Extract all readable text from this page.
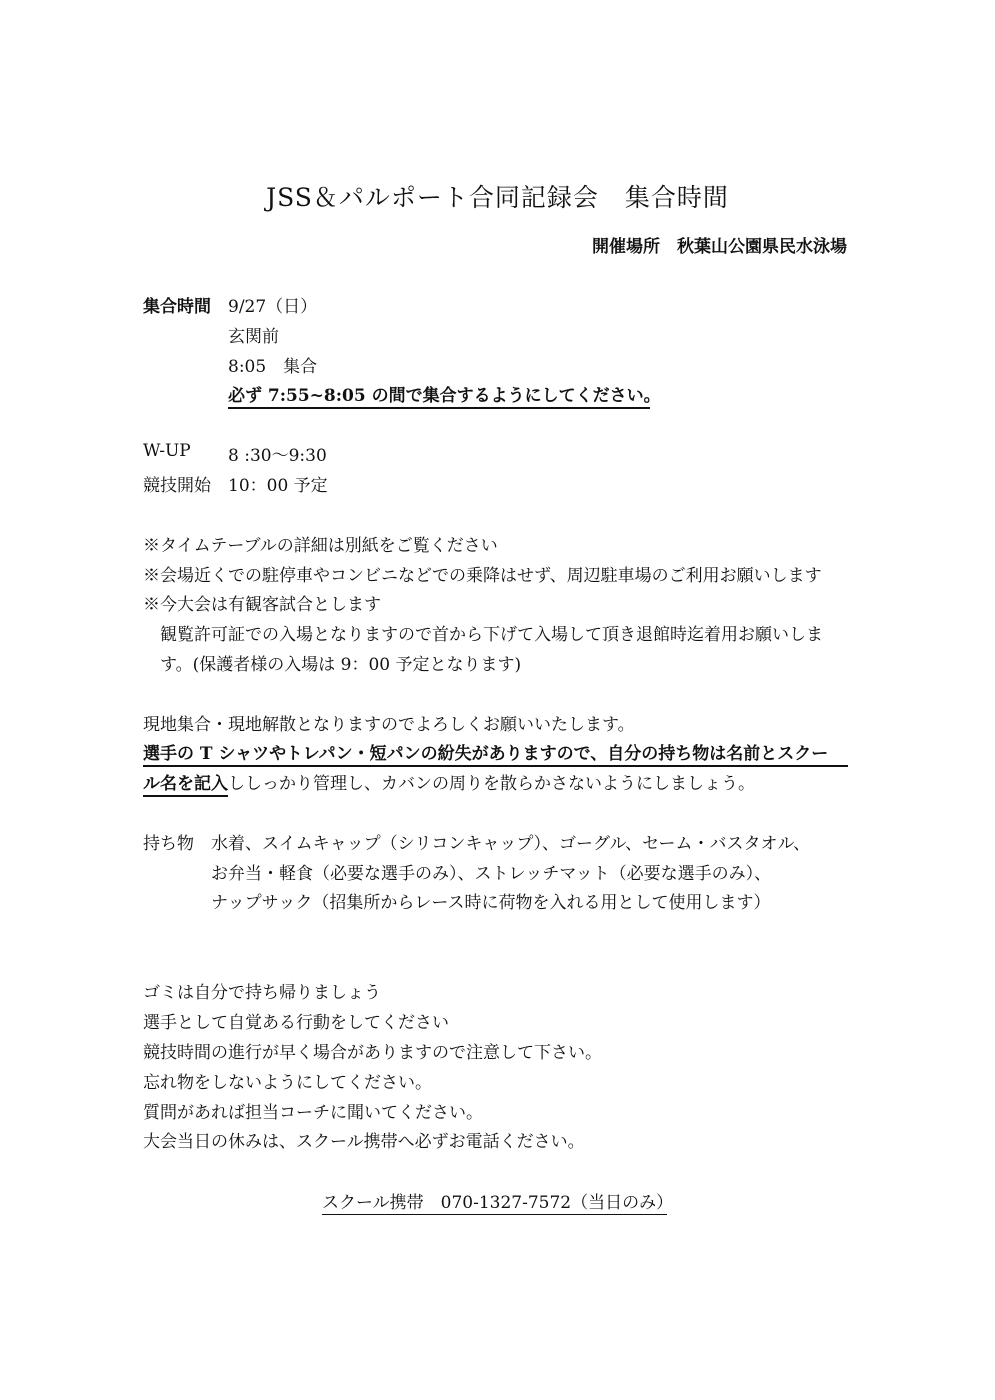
JSS＆パルポート合同記録会　集合時間
開催場所　秋葉山公園県民水泳場
集合時間 9/27（日）
玄関前
8:05　集合
必ず 7:55~8:05 の間で集合するようにしてください。
W-UP 8 :30〜9:30
競技開始 10：00 予定
※タイムテーブルの詳細は別紙をご覧ください
※会場近くでの駐停車やコンビニなどでの乗降はせず、周辺駐車場のご利用お願いします
※今大会は有観客試合とします
観覧許可証での入場となりますので首から下げて入場して頂き退館時迄着用お願いしま
す。(保護者様の入場は 9：00 予定となります)
現地集合・現地解散となりますのでよろしくお願いいたします。
選手の T シャツやトレパン・短パンの紛失がありますので、自分の持ち物は名前とスクー
ル名を記入ししっかり管理し、カバンの周りを散らかさないようにしましょう。
持ち物 水着、スイムキャップ（シリコンキャップ）、ゴーグル、セーム・バスタオル、
お弁当・軽食（必要な選手のみ）、ストレッチマット（必要な選手のみ）、
ナップサック（招集所からレース時に荷物を入れる用として使用します）
ゴミは自分で持ち帰りましょう
選手として自覚ある行動をしてください
競技時間の進行が早く場合がありますので注意して下さい。
忘れ物をしないようにしてください。
質問があれば担当コーチに聞いてください。
大会当日の休みは、スクール携帯へ必ずお電話ください。
スクール携帯　070-1327-7572（当日のみ）
